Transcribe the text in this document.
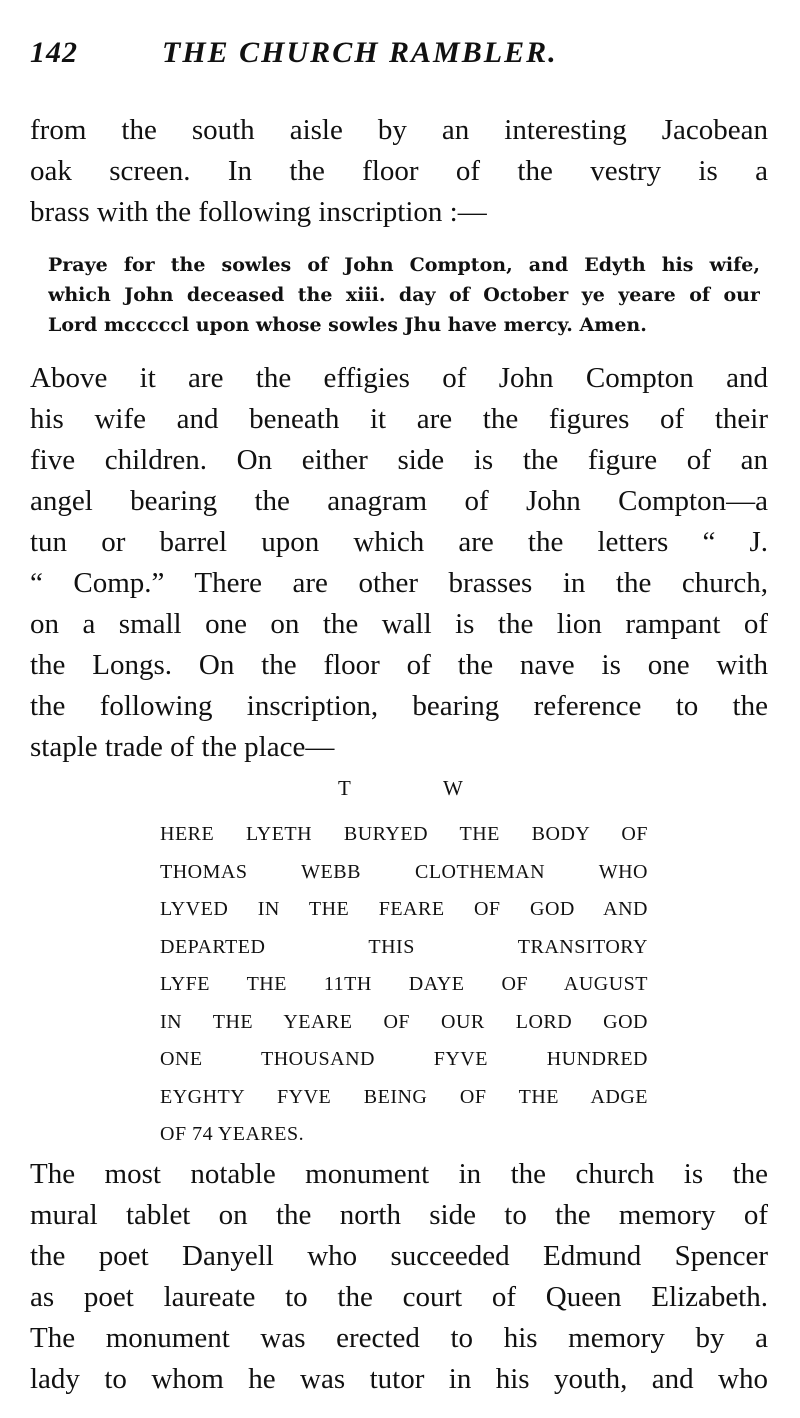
142	THE CHURCH RAMBLER.

from the south aisle by an interesting Jacobean
oak screen. In the floor of the vestry is a
brass with the following inscription :—

Praye for the sowles of John Compton, and Edyth his wife,
which John deceased the xiii. day of October ye yeare of our
Lord mcccccl upon whose sowles Jhu have mercy. Amen.

Above it are the effigies of John Compton and
his wife and beneath it are the figures of their
five children. On either side is the figure of an
angel bearing the anagram of John Compton—a
tun or barrel upon which are the letters “ J.
“ Comp.” There are other brasses in the church,
on a small one on the wall is the lion rampant of
the Longs. On the floor of the nave is one with
the following inscription, bearing reference to the
staple trade of the place—

T	W

HERE LYETH BURYED THE BODY OF
THOMAS WEBB CLOTHEMAN WHO
LYVED IN THE FEARE OF GOD AND
DEPARTED THIS TRANSITORY
LYFE THE 11TH DAYE OF AUGUST
IN THE YEARE OF OUR LORD GOD
ONE THOUSAND FYVE HUNDRED
EYGHTY FYVE BEING OF THE ADGE
OF 74 YEARES.

The most notable monument in the church is the
mural tablet on the north side to the memory of
the poet Danyell who succeeded Edmund Spencer
as poet laureate to the court of Queen Elizabeth.
The monument was erected to his memory by a
lady to whom he was tutor in his youth, and who
